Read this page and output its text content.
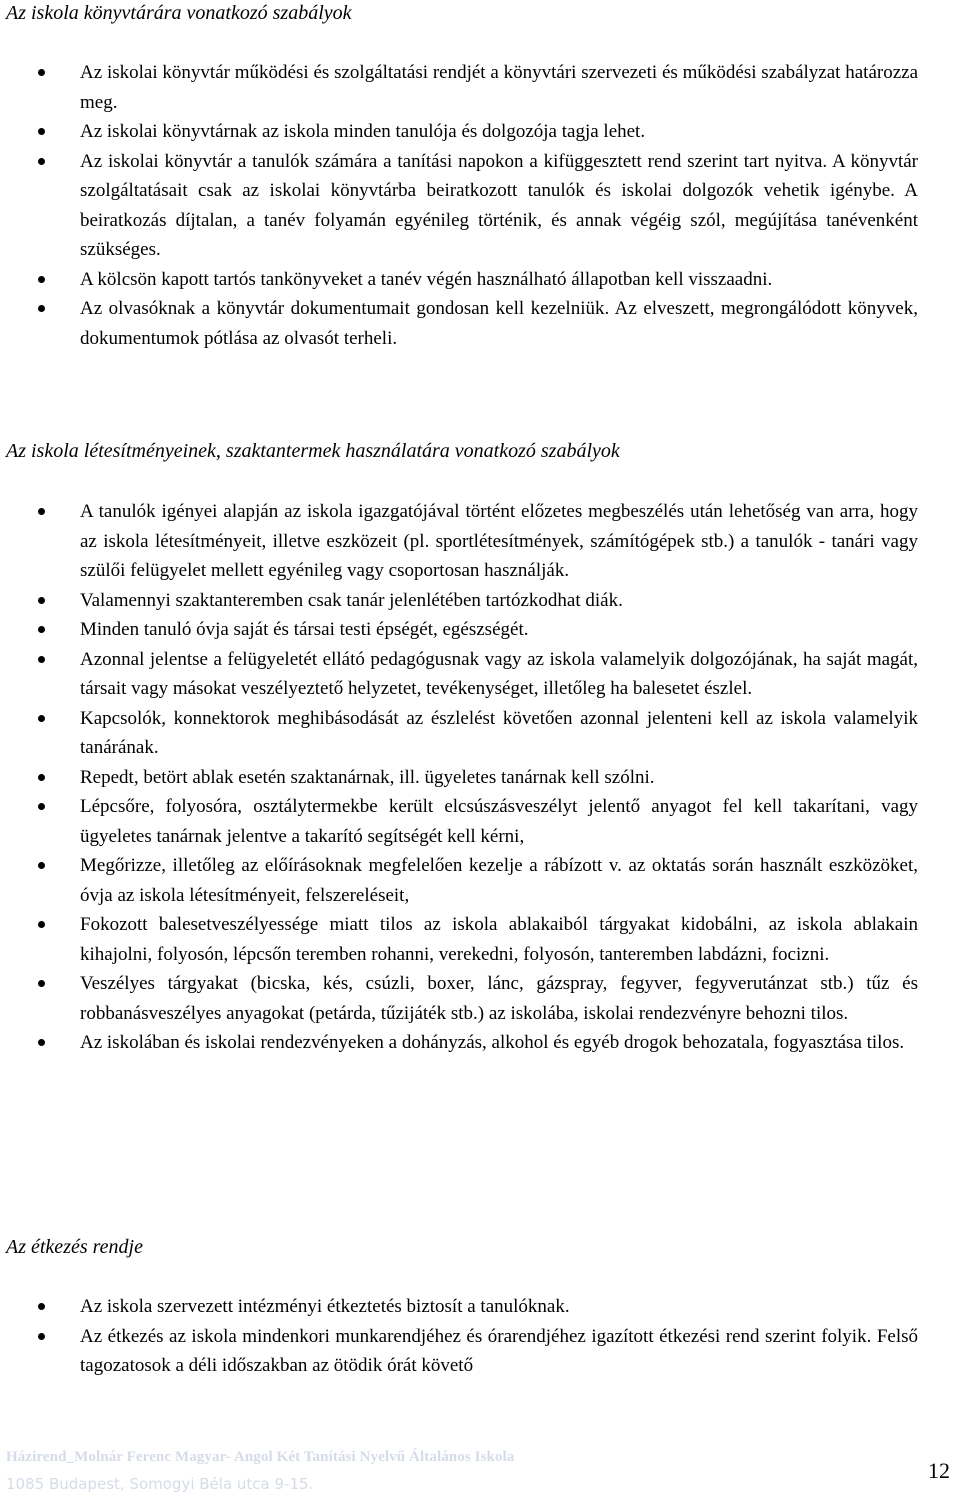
Az iskola könyvtárára vonatkozó szabályok
Az iskolai könyvtár működési és szolgáltatási rendjét a könyvtári szervezeti és működési szabályzat határozza meg.
Az iskolai könyvtárnak az iskola minden tanulója és dolgozója tagja lehet.
Az iskolai könyvtár a tanulók számára a tanítási napokon a kifüggesztett rend szerint tart nyitva. A könyvtár szolgáltatásait csak az iskolai könyvtárba beiratkozott tanulók és iskolai dolgozók vehetik igénybe. A beiratkozás díjtalan, a tanév folyamán egyénileg történik, és annak végéig szól, megújítása tanévenként szükséges.
A kölcsön kapott tartós tankönyveket a tanév végén használható állapotban kell visszaadni.
Az olvasóknak a könyvtár dokumentumait gondosan kell kezelniük. Az elveszett, megrongálódott könyvek, dokumentumok pótlása az olvasót terheli.
Az iskola létesítményeinek, szaktantermek használatára vonatkozó szabályok
A tanulók igényei alapján az iskola igazgatójával történt előzetes megbeszélés után lehetőség van arra, hogy az iskola létesítményeit, illetve eszközeit (pl. sportlétesítmények, számítógépek stb.) a tanulók - tanári vagy szülői felügyelet mellett egyénileg vagy csoportosan használják.
Valamennyi szaktanteremben csak tanár jelenlétében tartózkodhat diák.
Minden tanuló óvja saját és társai testi épségét, egészségét.
Azonnal jelentse a felügyeletét ellátó pedagógusnak vagy az iskola valamelyik dolgozójának, ha saját magát, társait vagy másokat veszélyeztető helyzetet, tevékenységet, illetőleg ha balesetet észlel.
Kapcsolók, konnektorok meghibásodását az észlelést követően azonnal jelenteni kell az iskola valamelyik tanárának.
Repedt, betört ablak esetén szaktanárnak, ill. ügyeletes tanárnak kell szólni.
Lépcsőre, folyosóra, osztálytermekbe került elcsúszásveszélyt jelentő anyagot fel kell takarítani, vagy ügyeletes tanárnak jelentve a takarító segítségét kell kérni,
Megőrizze, illetőleg az előírásoknak megfelelően kezelje a rábízott v. az oktatás során használt eszközöket, óvja az iskola létesítményeit, felszereléseit,
Fokozott balesetveszélyessége miatt tilos az iskola ablakaiból tárgyakat kidobálni, az iskola ablakain kihajolni, folyosón, lépcsőn teremben rohanni, verekedni, folyosón, tanteremben labdázni, focizni.
Veszélyes tárgyakat (bicska, kés, csúzli, boxer, lánc, gázspray, fegyver, fegyverutánzat stb.) tűz és robbanásveszélyes anyagokat (petárda, tűzijáték stb.) az iskolába, iskolai rendezvényre behozni tilos.
Az iskolában és iskolai rendezvényeken a dohányzás, alkohol és egyéb drogok behozatala, fogyasztása tilos.
Az étkezés rendje
Az iskola szervezett intézményi étkeztetés biztosít a tanulóknak.
Az étkezés az iskola mindenkori munkarendjéhez és órarendjéhez igazított étkezési rend szerint folyik. Felső tagozatosok a déli időszakban az ötödik órát követő
Házirend_Molnár Ferenc Magyar- Angol Két Tanítási Nyelvű Általános Iskola
1085 Budapest, Somogyi Béla utca 9-15.
12
